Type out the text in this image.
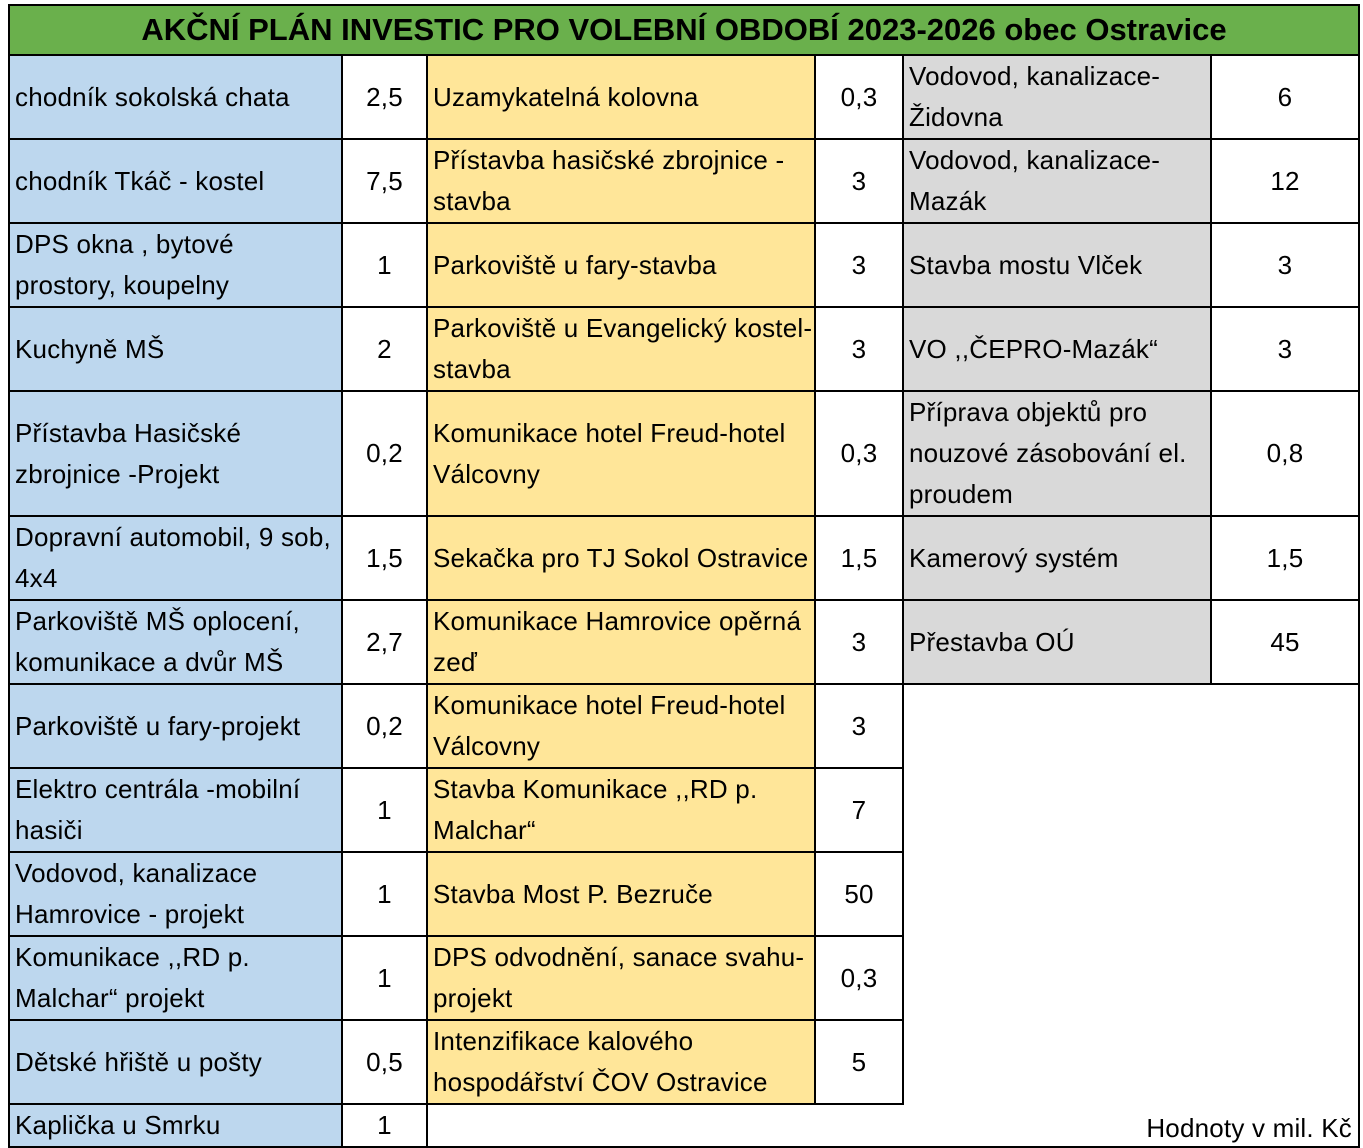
AKČNÍ PLÁN INVESTIC PRO VOLEBNÍ OBDOBÍ 2023-2026 obec Ostravice					
chodník sokolská chata	2,5	Uzamykatelná kolovna	0,3	Vodovod, kanalizace-Židovna	6
chodník Tkáč - kostel	7,5	Přístavba hasičské zbrojnice - stavba	3	Vodovod, kanalizace-Mazák	12
DPS okna , bytové prostory, koupelny	1	Parkoviště u fary-stavba	3	Stavba mostu Vlček	3
Kuchyně MŠ	2	Parkoviště u Evangelický kostel-stavba	3	VO ,,ČEPRO-Mazák“	3
Přístavba Hasičské zbrojnice -Projekt	0,2	Komunikace hotel Freud-hotel Válcovny	0,3	Příprava objektů pro nouzové zásobování el. proudem	0,8
Dopravní automobil, 9 sob, 4x4	1,5	Sekačka pro TJ Sokol Ostravice	1,5	Kamerový systém	1,5
Parkoviště MŠ oplocení, komunikace a dvůr MŠ	2,7	Komunikace Hamrovice opěrná zeď	3	Přestavba OÚ	45
Parkoviště u fary-projekt	0,2	Komunikace hotel Freud-hotel Válcovny	3		
Elektro centrála -mobilní hasiči	1	Stavba Komunikace ,,RD p. Malchar“	7		
Vodovod, kanalizace Hamrovice - projekt	1	Stavba Most P. Bezruče	50		
Komunikace ,,RD p. Malchar“ projekt	1	DPS odvodnění, sanace svahu-projekt	0,3		
Dětské hřiště u pošty	0,5	Intenzifikace kalového hospodářství ČOV Ostravice	5		
Kaplička u Smrku	1	Hodnoty v mil. Kč			
